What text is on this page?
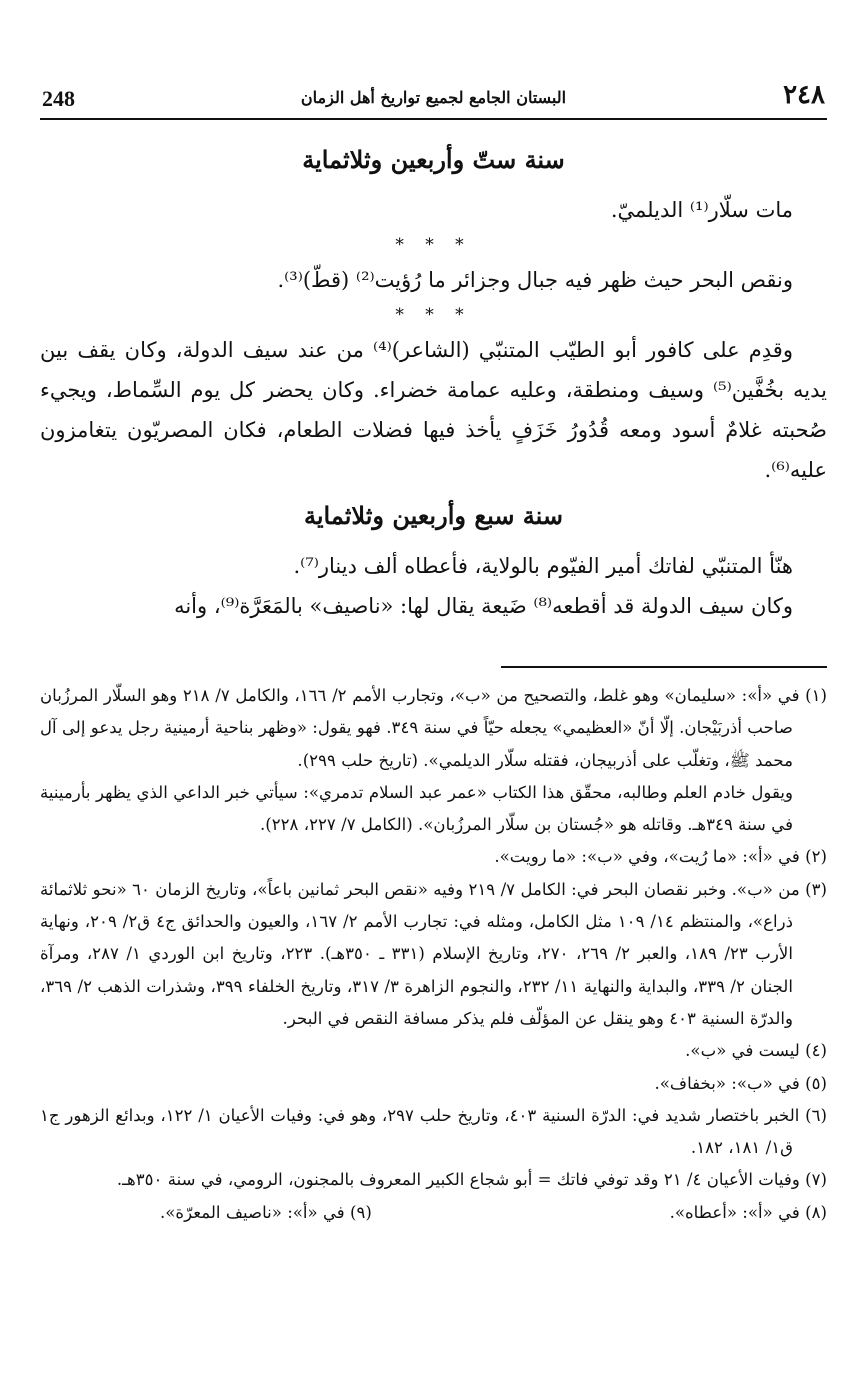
248	البستان الجامع لجميع تواريخ أهل الزمان	٢٤٨
سنة ستّ وأربعين وثلاثماية

مات سلّار⁽¹⁾ الديلميّ.

* * *

ونقص البحر حيث ظهر فيه جبال وجزائر ما رُؤيت⁽²⁾ (قطّ)⁽³⁾.

* * *

وقدِم على كافور أبو الطيّب المتنبّي (الشاعر)⁽⁴⁾ من عند سيف الدولة، وكان يقف بين يديه بخُفَّين⁽⁵⁾ وسيف ومنطقة، وعليه عمامة خضراء. وكان يحضر كل يوم السِّماط، ويجيء صُحبته غلامٌ أسود ومعه قُدُورُ خَزَفٍ يأخذ فيها فضلات الطعام، فكان المصريّون يتغامزون عليه⁽⁶⁾.

سنة سبع وأربعين وثلاثماية

هنّأ المتنبّي لفاتك أمير الفيّوم بالولاية، فأعطاه ألف دينار⁽⁷⁾.

وكان سيف الدولة قد أقطعه⁽⁸⁾ ضَيعة يقال لها: «ناصيف» بالمَعَرَّة⁽⁹⁾، وأنه

(١) في «أ»: «سليمان» وهو غلط، والتصحيح من «ب»، وتجارب الأمم ٢/ ١٦٦، والكامل ٧/ ٢١٨ وهو السلّار المرزُبان صاحب أذربَيْجان. إلّا أنّ «العظيمي» يجعله حيّاً في سنة ٣٤٩. فهو يقول: «وظهر بناحية أرمينية رجل يدعو إلى آل محمد ﷺ، وتغلّب على أذربيجان، فقتله سلّار الديلمي». (تاريخ حلب ٢٩٩).

ويقول خادم العلم وطالبه، محقّق هذا الكتاب «عمر عبد السلام تدمري»: سيأتي خبر الداعي الذي يظهر بأرمينية في سنة ٣٤٩هـ. وقاتله هو «جُستان بن سلّار المرزُبان». (الكامل ٧/ ٢٢٧، ٢٢٨).

(٢) في «أ»: «ما رُيت»، وفي «ب»: «ما رويت».

(٣) من «ب». وخبر نقصان البحر في: الكامل ٧/ ٢١٩ وفيه «نقص البحر ثمانين باعاً»، وتاريخ الزمان ٦٠ «نحو ثلاثمائة ذراع»، والمنتظم ١٤/ ١٠٩ مثل الكامل، ومثله في: تجارب الأمم ٢/ ١٦٧، والعيون والحدائق ج٤ ق٢/ ٢٠٩، ونهاية الأرب ٢٣/ ١٨٩، والعبر ٢/ ٢٦٩، ٢٧٠، وتاريخ الإسلام (٣٣١ ـ ٣٥٠هـ). ٢٢٣، وتاريخ ابن الوردي ١/ ٢٨٧، ومرآة الجنان ٢/ ٣٣٩، والبداية والنهاية ١١/ ٢٣٢، والنجوم الزاهرة ٣/ ٣١٧، وتاريخ الخلفاء ٣٩٩، وشذرات الذهب ٢/ ٣٦٩، والدرّة السنية ٤٠٣ وهو ينقل عن المؤلّف فلم يذكر مسافة النقص في البحر.

(٤) ليست في «ب».

(٥) في «ب»: «بخفاف».

(٦) الخبر باختصار شديد في: الدرّة السنية ٤٠٣، وتاريخ حلب ٢٩٧، وهو في: وفيات الأعيان ١/ ١٢٢، وبدائع الزهور ج١ ق١/ ١٨١، ١٨٢.

(٧) وفيات الأعيان ٤/ ٢١ وقد توفي فاتك = أبو شجاع الكبير المعروف بالمجنون، الرومي، في سنة ٣٥٠هـ.

(٨) في «أ»: «أعطاه».
(٩) في «أ»: «ناصيف المعرّة».
